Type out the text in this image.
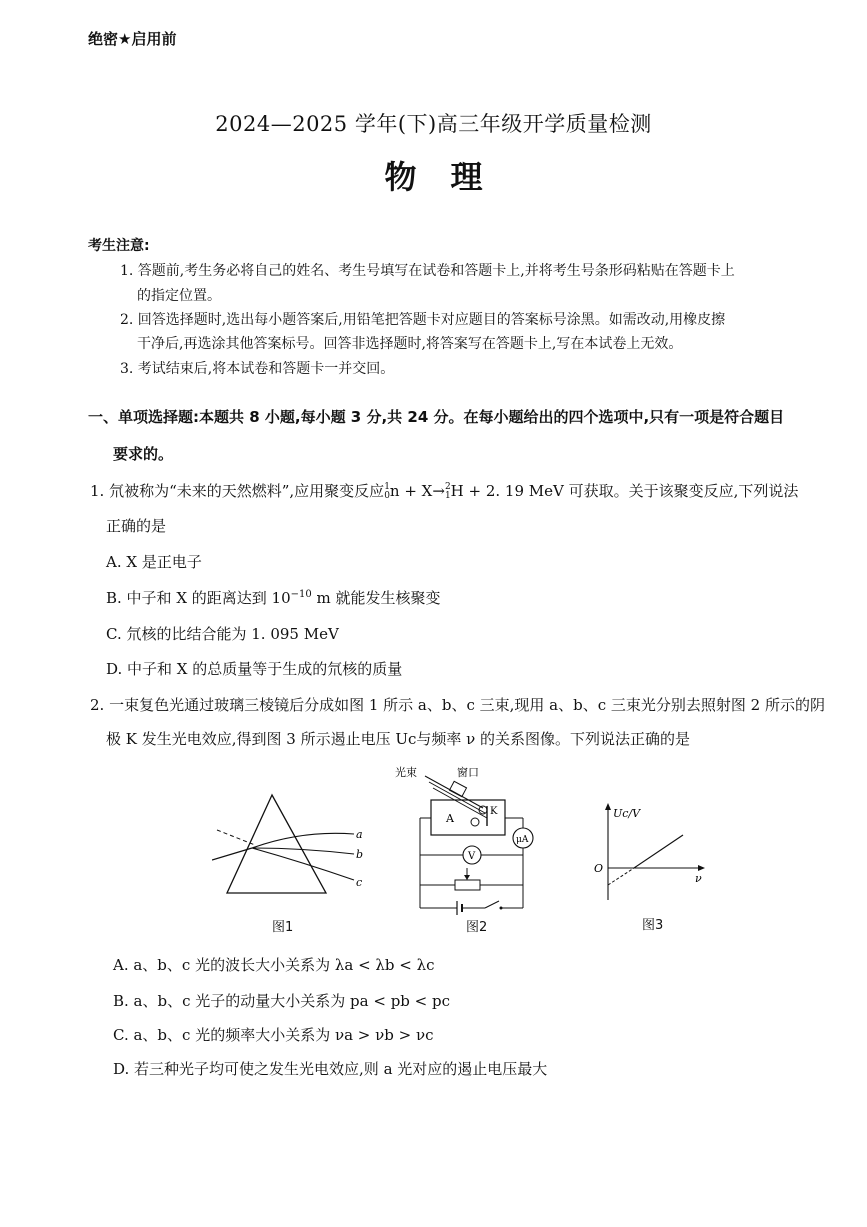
绝密★启用前
2024—2025 学年(下)高三年级开学质量检测
物理
考生注意:
1. 答题前,考生务必将自己的姓名、考生号填写在试卷和答题卡上,并将考生号条形码粘贴在答题卡上
的指定位置。
2. 回答选择题时,选出每小题答案后,用铅笔把答题卡对应题目的答案标号涂黑。如需改动,用橡皮擦
干净后,再选涂其他答案标号。回答非选择题时,将答案写在答题卡上,写在本试卷上无效。
3. 考试结束后,将本试卷和答题卡一并交回。
一、单项选择题:本题共 8 小题,每小题 3 分,共 24 分。在每小题给出的四个选项中,只有一项是符合题目
要求的。
1. 氘被称为“未来的天然燃料”,应用聚变反应1
0n + X→2
1H + 2. 19 MeV 可获取。关于该聚变反应,下列说法
正确的是
A. X 是正电子
B. 中子和 X 的距离达到 $10^{-10}$ m 就能发生核聚变
C. 氘核的比结合能为 1. 095 MeV
D. 中子和 X 的总质量等于生成的氘核的质量
2. 一束复色光通过玻璃三棱镜后分成如图 1 所示 a、b、c 三束,现用 a、b、c 三束光分别去照射图 2 所示的阴
极 K 发生光电效应,得到图 3 所示遏止电压 Uc与频率 ν 的关系图像。下列说法正确的是
a
b
c
图1
光束	窗口
A
K
μA
V
图2
Uc/V
ν
O
图3
A. a、b、c 光的波长大小关系为 λa < λb < λc
B. a、b、c 光子的动量大小关系为 pa < pb < pc
C. a、b、c 光的频率大小关系为 νa > νb > νc
D. 若三种光子均可使之发生光电效应,则 a 光对应的遏止电压最大
